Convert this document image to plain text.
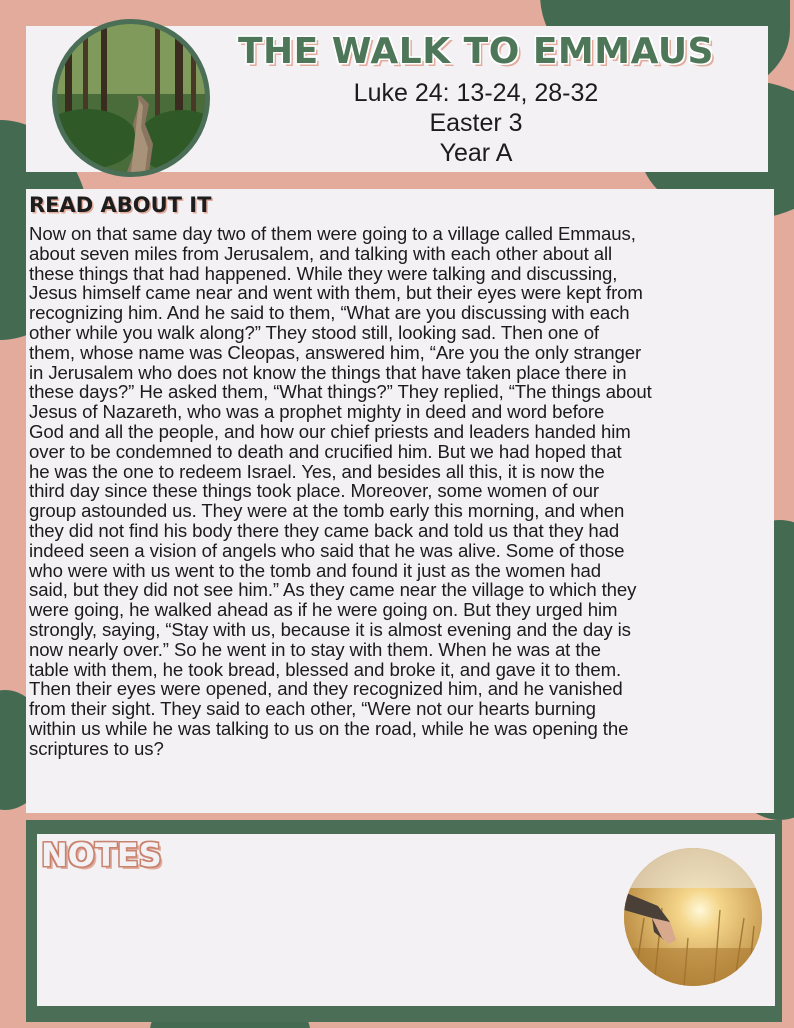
THE WALK TO EMMAUS
Luke 24: 13-24, 28-32
Easter 3
Year A
READ ABOUT IT

Now on that same day two of them were going to a village called Emmaus,
about seven miles from Jerusalem, and talking with each other about all
these things that had happened. While they were talking and discussing,
Jesus himself came near and went with them, but their eyes were kept from
recognizing him. And he said to them, “What are you discussing with each
other while you walk along?” They stood still, looking sad. Then one of
them, whose name was Cleopas, answered him, “Are you the only stranger
in Jerusalem who does not know the things that have taken place there in
these days?” He asked them, “What things?” They replied, “The things about
Jesus of Nazareth, who was a prophet mighty in deed and word before
God and all the people, and how our chief priests and leaders handed him
over to be condemned to death and crucified him. But we had hoped that
he was the one to redeem Israel. Yes, and besides all this, it is now the
third day since these things took place. Moreover, some women of our
group astounded us. They were at the tomb early this morning, and when
they did not find his body there they came back and told us that they had
indeed seen a vision of angels who said that he was alive. Some of those
who were with us went to the tomb and found it just as the women had
said, but they did not see him.” As they came near the village to which they
were going, he walked ahead as if he were going on. But they urged him
strongly, saying, “Stay with us, because it is almost evening and the day is
now nearly over.” So he went in to stay with them. When he was at the
table with them, he took bread, blessed and broke it, and gave it to them.
Then their eyes were opened, and they recognized him, and he vanished
from their sight. They said to each other, “Were not our hearts burning
within us while he was talking to us on the road, while he was opening the
scriptures to us?

NOTES
